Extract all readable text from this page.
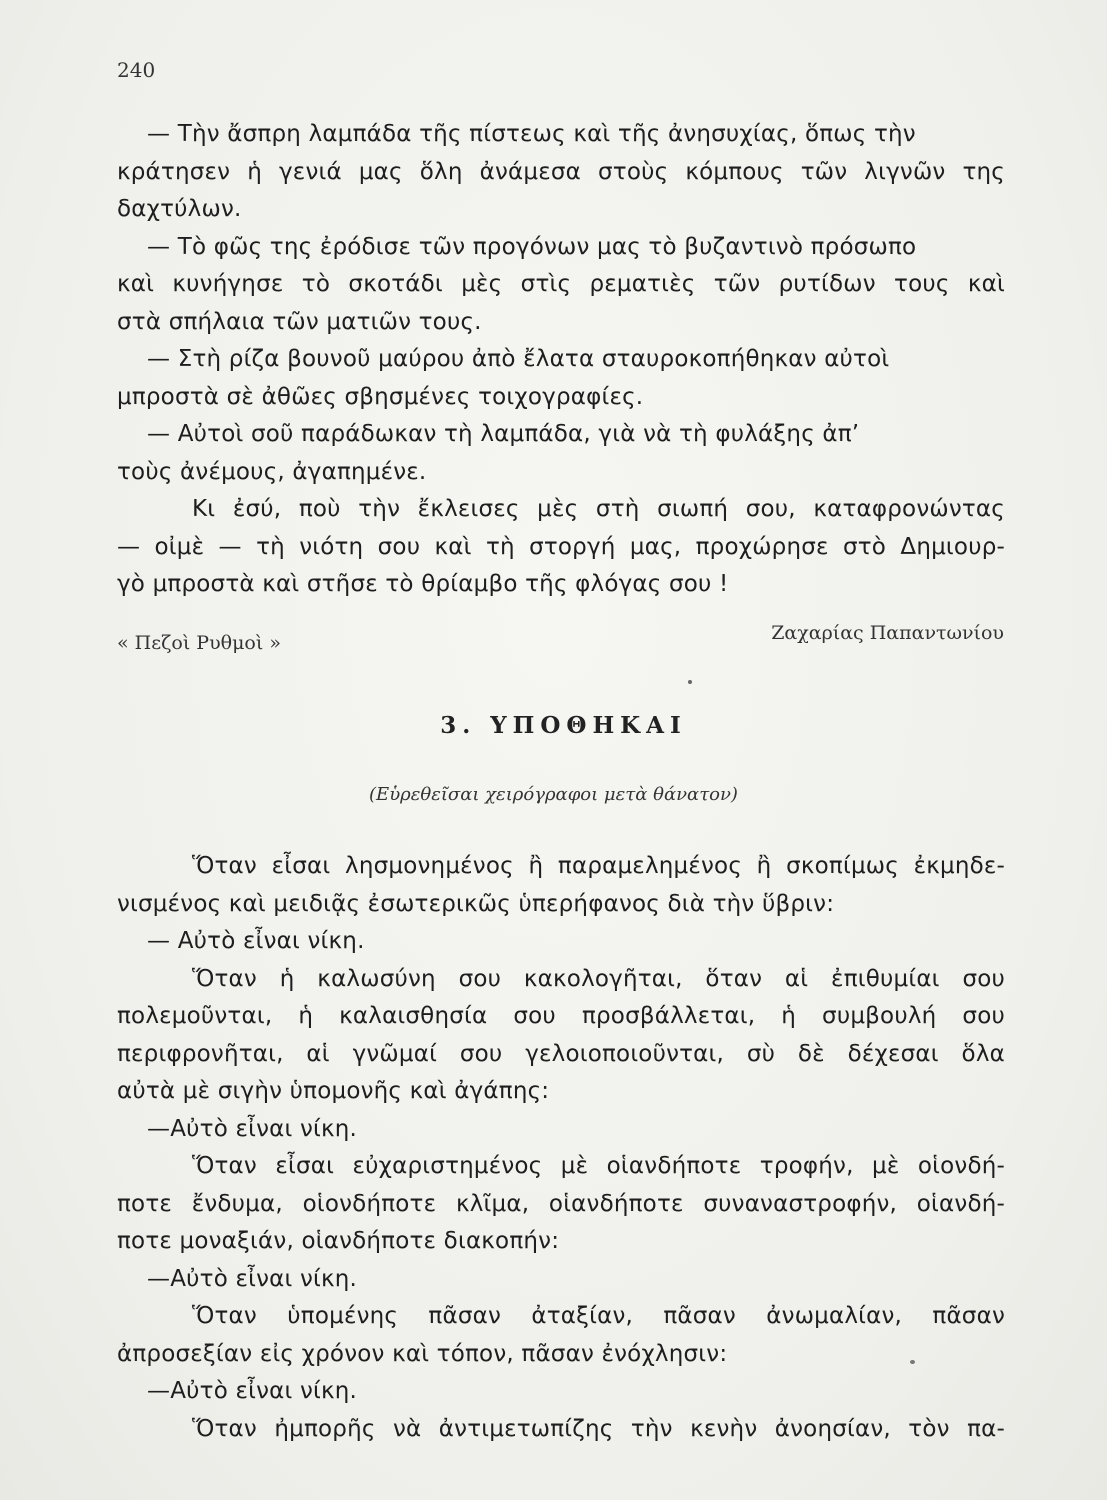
240
— Τὴν ἄσπρη λαμπάδα τῆς πίστεως καὶ τῆς ἀνησυχίας, ὅπως τὴν
κράτησεν ἡ γενιά μας ὅλη ἀνάμεσα στοὺς κόμπους τῶν λιγνῶν της
δαχτύλων.
— Τὸ φῶς της ἐρόδισε τῶν προγόνων μας τὸ βυζαντινὸ πρόσωπο
καὶ κυνήγησε τὸ σκοτάδι μὲς στὶς ρεματιὲς τῶν ρυτίδων τους καὶ
στὰ σπήλαια τῶν ματιῶν τους.
— Στὴ ρίζα βουνοῦ μαύρου ἀπὸ ἔλατα σταυροκοπήθηκαν αὐτοὶ
μπροστὰ σὲ ἀθῶες σβησμένες τοιχογραφίες.
— Αὐτοὶ σοῦ παράδωκαν τὴ λαμπάδα, γιὰ νὰ τὴ φυλάξης ἀπ’
τοὺς ἀνέμους, ἀγαπημένε.
Κι ἐσύ, ποὺ τὴν ἔκλεισες μὲς στὴ σιωπή σου, καταφρονώντας
— οἰμὲ — τὴ νιότη σου καὶ τὴ στοργή μας, προχώρησε στὸ Δημιουρ-
γὸ μπροστὰ καὶ στῆσε τὸ θρίαμβο τῆς φλόγας σου !
« Πεζοὶ Ρυθμοὶ »	Ζαχαρίας Παπαντωνίου
3. ΥΠΟΘΗΚΑΙ
(Εὑρεθεῖσαι χειρόγραφοι μετὰ θάνατον)
Ὅταν εἶσαι λησμονημένος ἢ παραμελημένος ἢ σκοπίμως ἐκμηδε-
νισμένος καὶ μειδιᾷς ἐσωτερικῶς ὑπερήφανος διὰ τὴν ὕβριν:
— Αὐτὸ εἶναι νίκη.
Ὅταν ἡ καλωσύνη σου κακολογῆται, ὅταν αἱ ἐπιθυμίαι σου
πολεμοῦνται, ἡ καλαισθησία σου προσβάλλεται, ἡ συμβουλή σου
περιφρονῆται, αἱ γνῶμαί σου γελοιοποιοῦνται, σὺ δὲ δέχεσαι ὅλα
αὐτὰ μὲ σιγὴν ὑπομονῆς καὶ ἀγάπης:
—Αὐτὸ εἶναι νίκη.
Ὅταν εἶσαι εὐχαριστημένος μὲ οἱανδήποτε τροφήν, μὲ οἱονδή-
ποτε ἔνδυμα, οἱονδήποτε κλῖμα, οἱανδήποτε συναναστροφήν, οἱανδή-
ποτε μοναξιάν, οἱανδήποτε διακοπήν:
—Αὐτὸ εἶναι νίκη.
Ὅταν ὑπομένης πᾶσαν ἀταξίαν, πᾶσαν ἀνωμαλίαν, πᾶσαν
ἀπροσεξίαν εἰς χρόνον καὶ τόπον, πᾶσαν ἐνόχλησιν:
—Αὐτὸ εἶναι νίκη.
Ὅταν ἠμπορῆς νὰ ἀντιμετωπίζης τὴν κενὴν ἀνοησίαν, τὸν πα-
